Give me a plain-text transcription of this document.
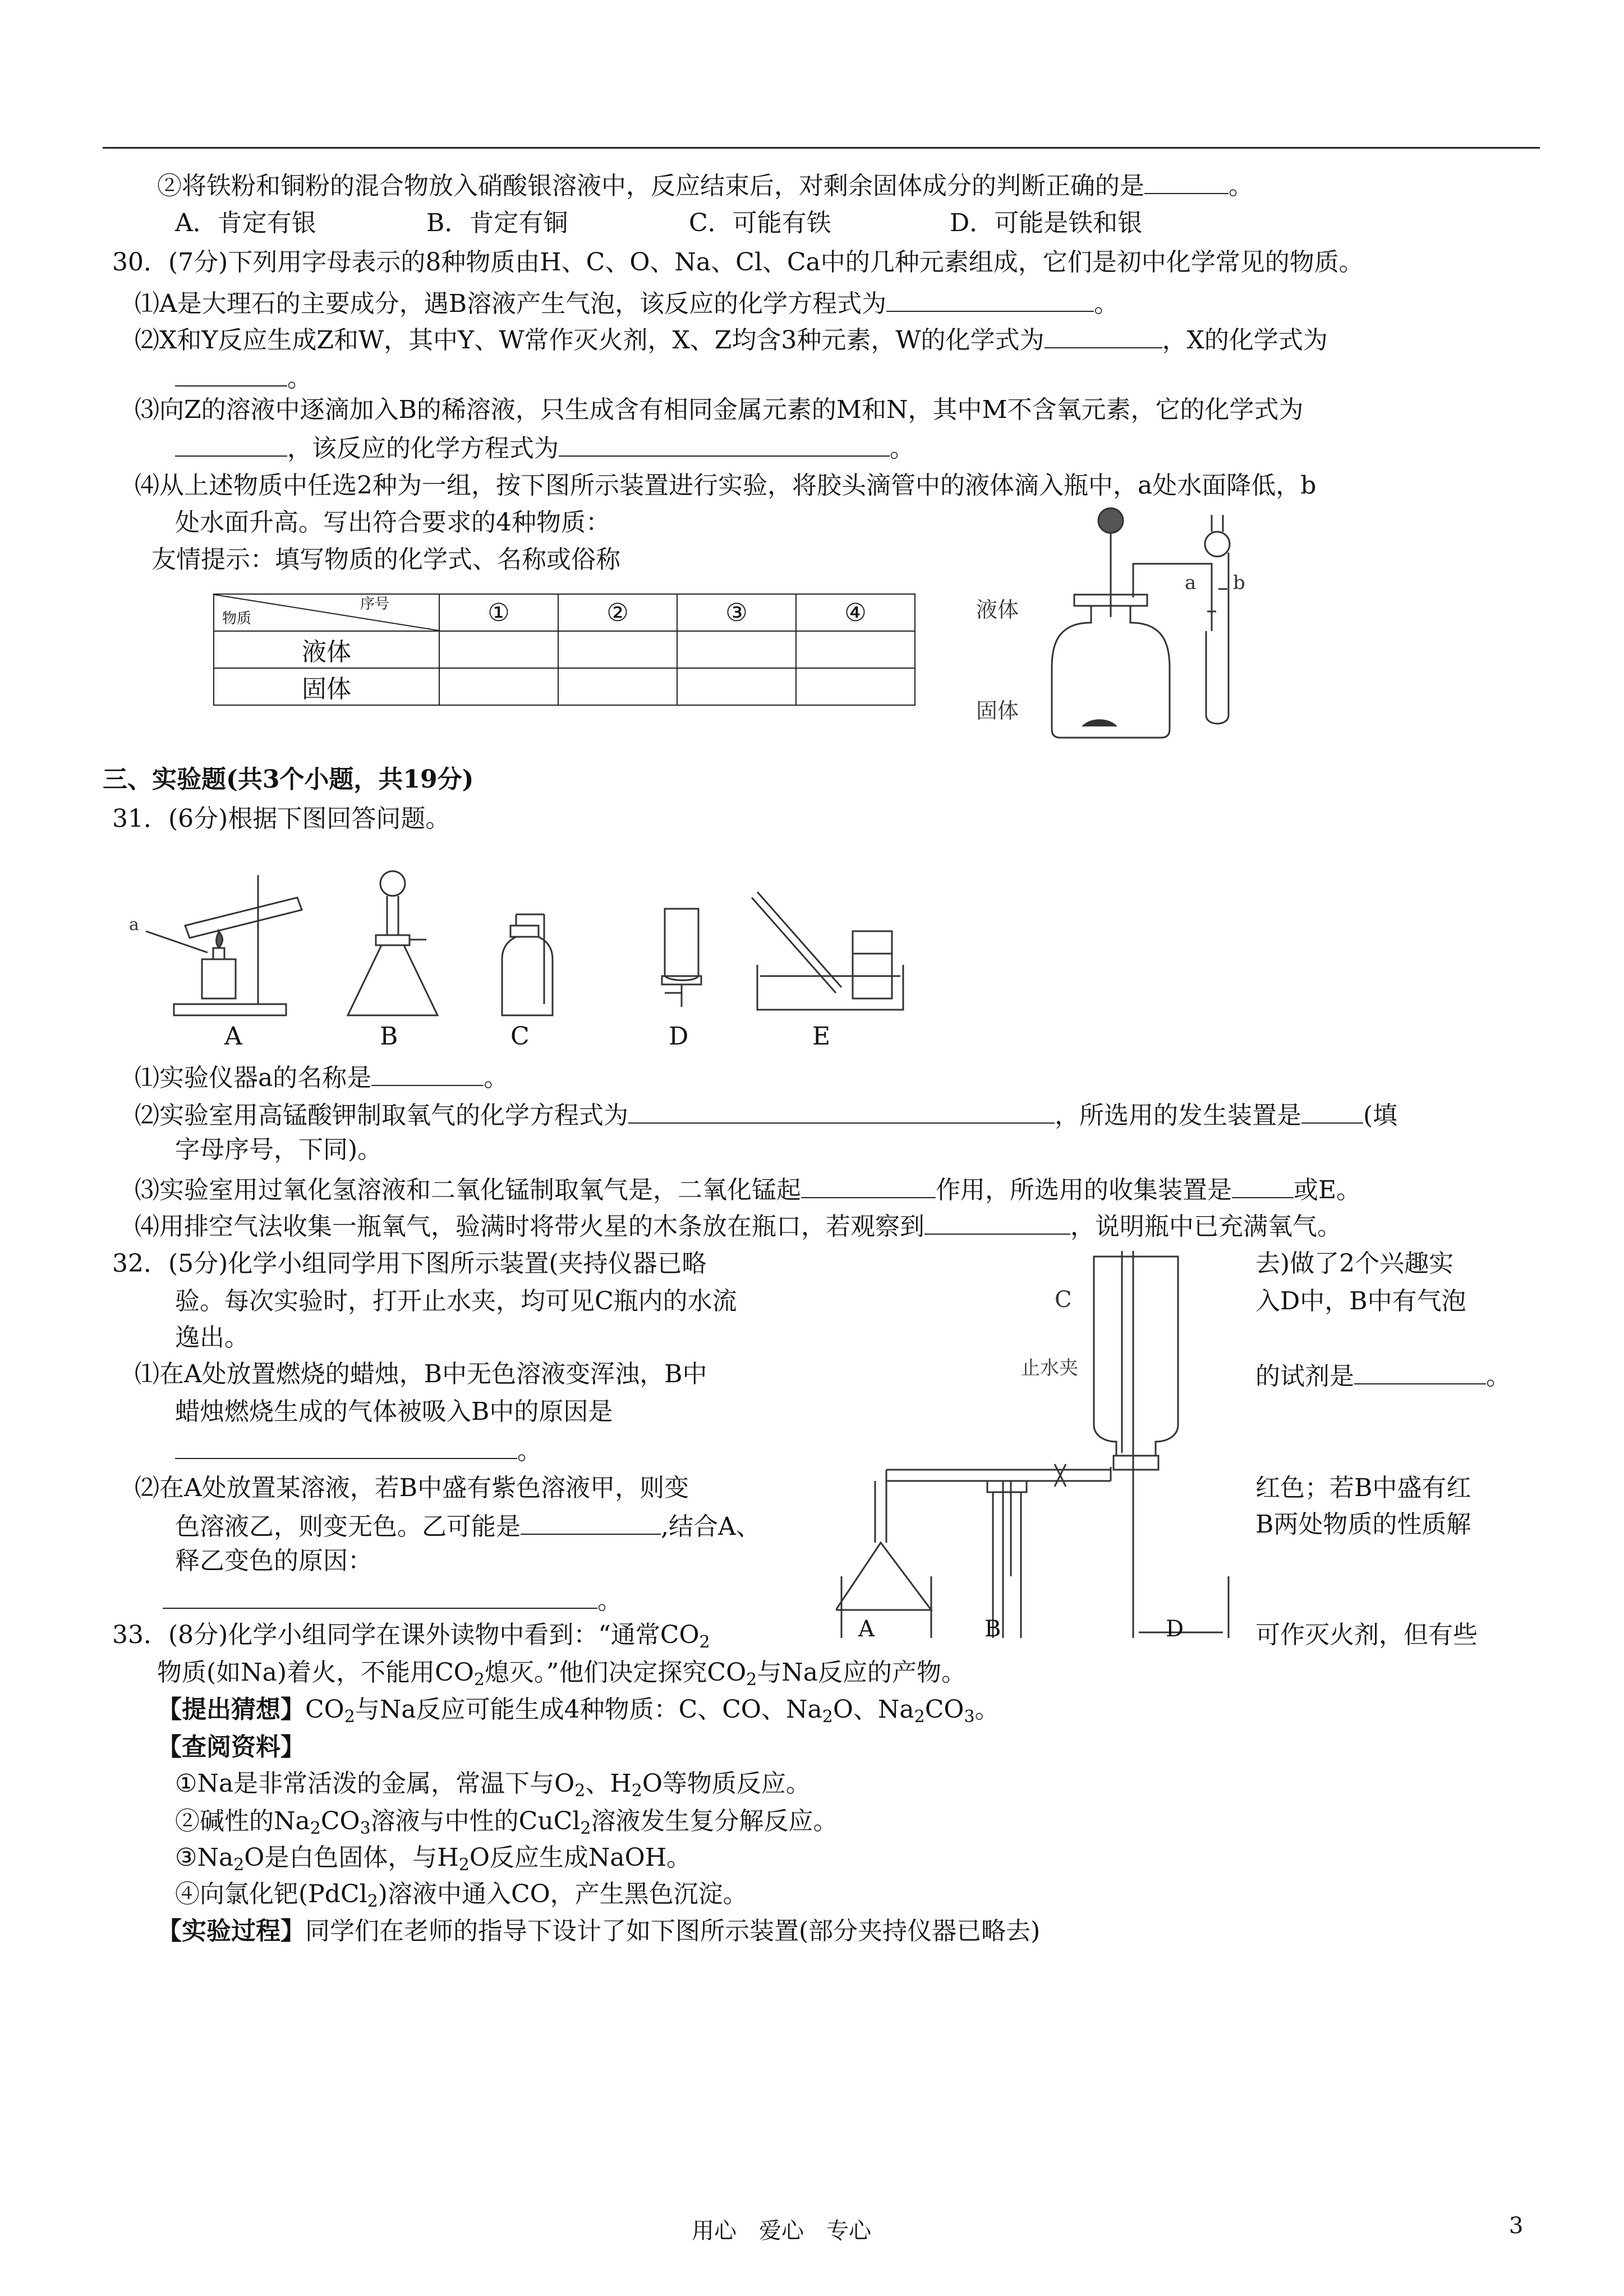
②将铁粉和铜粉的混合物放入硝酸银溶液中，反应结束后，对剩余固体成分的判断正确的是	。
A．肯定有银	B．肯定有铜	C．可能有铁	D．可能是铁和银
30．(7分)下列用字母表示的8种物质由H、C、O、Na、Cl、Ca中的几种元素组成，它们是初中化学常见的物质。
⑴A是大理石的主要成分，遇B溶液产生气泡，该反应的化学方程式为	。
⑵X和Y反应生成Z和W，其中Y、W常作灭火剂，X、Z均含3种元素，W的化学式为	，X的化学式为
。
⑶向Z的溶液中逐滴加入B的稀溶液，只生成含有相同金属元素的M和N，其中M不含氧元素，它的化学式为
，该反应的化学方程式为	。
⑷从上述物质中任选2种为一组，按下图所示装置进行实验，将胶头滴管中的液体滴入瓶中，a处水面降低，b
处水面升高。写出符合要求的4种物质：
友情提示：填写物质的化学式、名称或俗称
序号
物质	①	②	③	④
液体				
固体				
液体
固体
a b
三、实验题(共3个小题，共19分)
31．(6分)根据下图回答问题。
a
A	B	C	D	E
⑴实验仪器a的名称是	。
⑵实验室用高锰酸钾制取氧气的化学方程式为	，所选用的发生装置是	(填
字母序号，下同)。
⑶实验室用过氧化氢溶液和二氧化锰制取氧气是，二氧化锰起	作用，所选用的收集装置是	或E。
⑷用排空气法收集一瓶氧气，验满时将带火星的木条放在瓶口，若观察到	，说明瓶中已充满氧气。
32．(5分)化学小组同学用下图所示装置(夹持仪器已略	去)做了2个兴趣实
验。每次实验时，打开止水夹，均可见C瓶内的水流	入D中，B中有气泡
逸出。
⑴在A处放置燃烧的蜡烛，B中无色溶液变浑浊，B中	的试剂是	。
蜡烛燃烧生成的气体被吸入B中的原因是
。
⑵在A处放置某溶液，若B中盛有紫色溶液甲，则变	红色；若B中盛有红
色溶液乙，则变无色。乙可能是	,结合A、	B两处物质的性质解
释乙变色的原因：
。
C
止水夹
A	B	D
33．(8分)化学小组同学在课外读物中看到：“通常$CO_2$	可作灭火剂，但有些
物质(如Na)着火，不能用$CO_2$熄灭。”他们决定探究$CO_2$与Na反应的产物。
【提出猜想】$CO_2$与Na反应可能生成4种物质：C、CO、$Na_2O$、$Na_2CO_3$。
【查阅资料】
①Na是非常活泼的金属，常温下与$O_2$、$H_2O$等物质反应。
②碱性的$Na_2CO_3$溶液与中性的CuCl$_2$溶液发生复分解反应。
$③Na_2O$是白色固体，与$H_2O$反应生成NaOH。
④向氯化钯(PdCl$_2$)溶液中通入CO，产生黑色沉淀。
【实验过程】同学们在老师的指导下设计了如下图所示装置(部分夹持仪器已略去)
用心　爱心　专心	3
